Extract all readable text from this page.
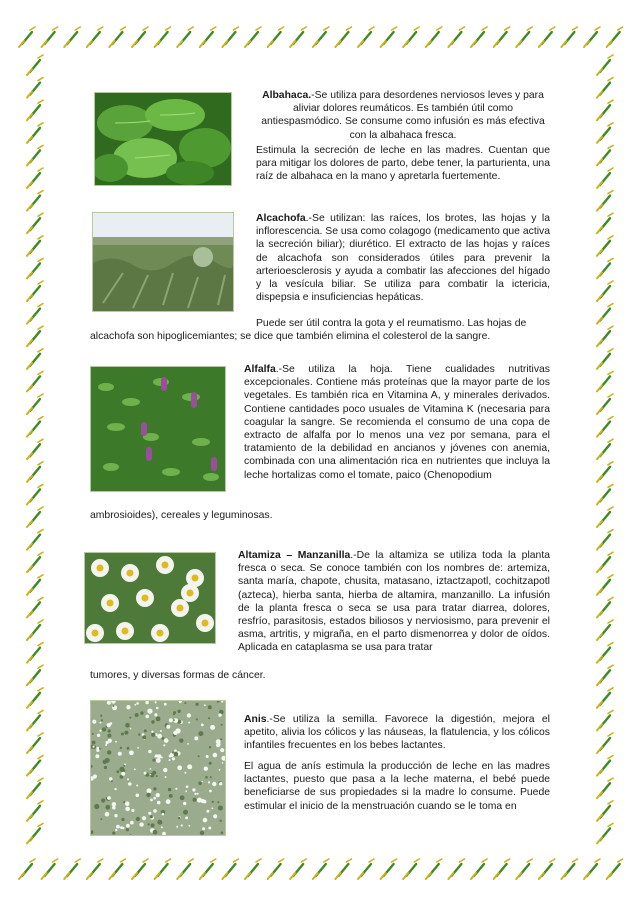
Albahaca.-Se utiliza para desordenes nerviosos leves y para aliviar dolores reumáticos. Es también útil como antiespasmódico. Se consume como infusión es más efectiva con la albahaca fresca.

Estimula la secreción de leche en las madres. Cuentan que para mitigar los dolores de parto, debe tener, la parturienta, una raíz de albahaca en la mano y apretarla fuertemente.

Alcachofa.-Se utilizan: las raíces, los brotes, las hojas y la inflorescencia. Se usa como colagogo (medicamento que activa la secreción biliar); diurético. El extracto de las hojas y raíces de alcachofa son considerados útiles para prevenir la arterioesclerosis y ayuda a combatir las afecciones del hígado y la vesícula biliar. Se utiliza para combatir la ictericia, dispepsia e insuficiencias hepáticas.

Puede ser útil contra la gota y el reumatismo. Las hojas de

alcachofa son hipoglicemiantes; se dice que también elimina el colesterol de la sangre.

Alfalfa.-Se utiliza la hoja. Tiene cualidades nutritivas excepcionales. Contiene más proteínas que la mayor parte de los vegetales. Es también rica en Vitamina A, y minerales derivados. Contiene cantidades poco usuales de Vitamina K (necesaria para coagular la sangre. Se recomienda el consumo de una copa de extracto de alfalfa por lo menos una vez por semana, para el tratamiento de la debilidad en ancianos y jóvenes con anemia, combinada con una alimentación rica en nutrientes que incluya la leche hortalizas como el tomate, paico (Chenopodium

ambrosioides), cereales y leguminosas.

Altamiza – Manzanilla.-De la altamiza se utiliza toda la planta fresca o seca. Se conoce también con los nombres de: artemiza, santa maría, chapote, chusita, matasano, iztactzapotl, cochitzapotl (azteca), hierba santa, hierba de altamira, manzanillo. La infusión de la planta fresca o seca se usa para tratar diarrea, dolores, resfrío, parasitosis, estados biliosos y nerviosismo, para prevenir el asma, artritis, y migraña, en el parto dismenorrea y dolor de oídos. Aplicada en cataplasma se usa para tratar

tumores, y diversas formas de cáncer.

Anis.-Se utiliza la semilla. Favorece la digestión, mejora el apetito, alivia los cólicos y las náuseas, la flatulencia, y los cólicos infantiles frecuentes en los bebes lactantes.

El agua de anís estimula la producción de leche en las madres lactantes, puesto que pasa a la leche materna, el bebé puede beneficiarse de sus propiedades si la madre lo consume. Puede estimular el inicio de la menstruación cuando se le toma en
